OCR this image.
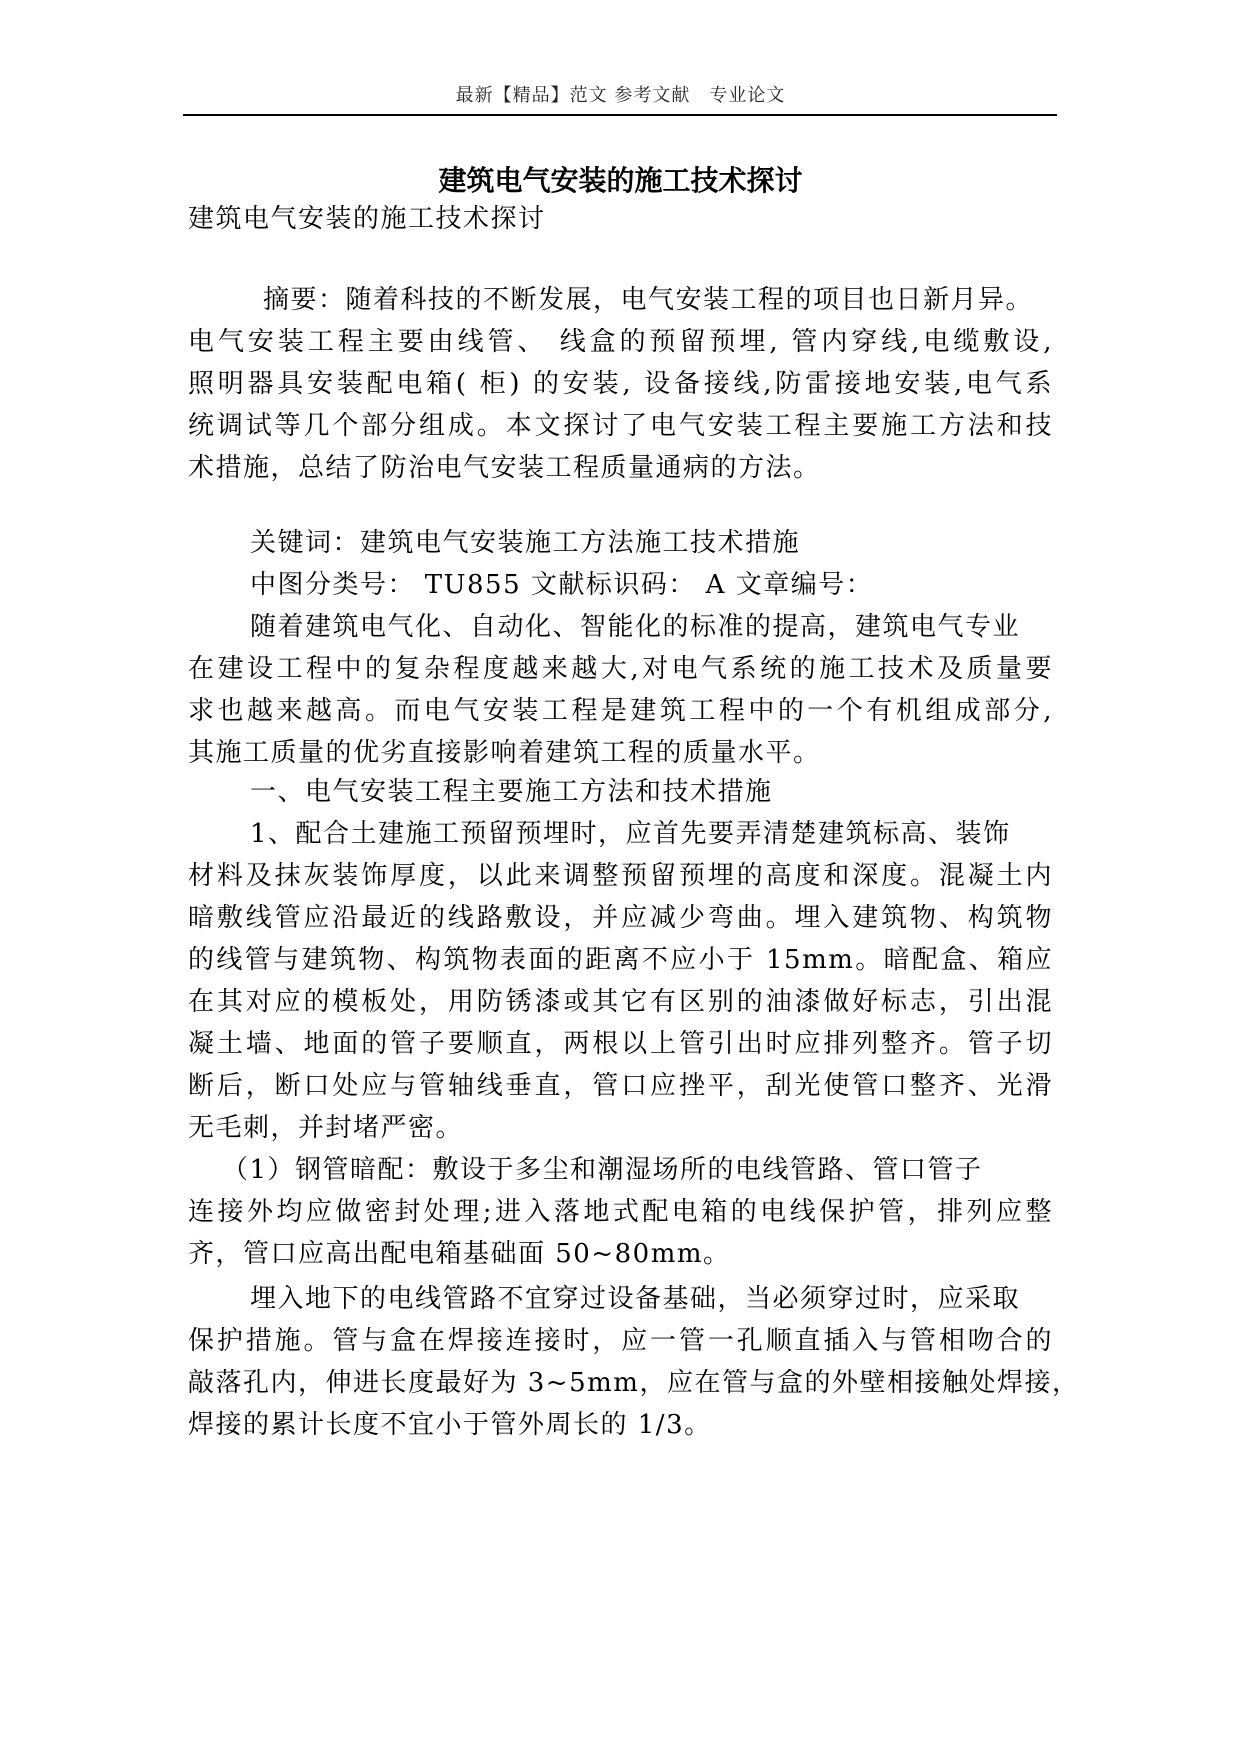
最新【精品】范文 参考文献　专业论文
建筑电气安装的施工技术探讨
建筑电气安装的施工技术探讨
摘要：随着科技的不断发展，电气安装工程的项目也日新月异。
电气安装工程主要由线管、 线盒的预留预埋, 管内穿线,电缆敷设,
照明器具安装配电箱( 柜) 的安装, 设备接线,防雷接地安装,电气系
统调试等几个部分组成。本文探讨了电气安装工程主要施工方法和技
术措施，总结了防治电气安装工程质量通病的方法。
关键词：建筑电气安装施工方法施工技术措施
中图分类号： TU855 文献标识码： A 文章编号：
随着建筑电气化、自动化、智能化的标准的提高，建筑电气专业
在建设工程中的复杂程度越来越大,对电气系统的施工技术及质量要
求也越来越高。而电气安装工程是建筑工程中的一个有机组成部分,
其施工质量的优劣直接影响着建筑工程的质量水平。
一、电气安装工程主要施工方法和技术措施
1、配合土建施工预留预埋时，应首先要弄清楚建筑标高、装饰
材料及抹灰装饰厚度，以此来调整预留预埋的高度和深度。混凝土内
暗敷线管应沿最近的线路敷设，并应减少弯曲。埋入建筑物、构筑物
的线管与建筑物、构筑物表面的距离不应小于 15mm。暗配盒、箱应
在其对应的模板处，用防锈漆或其它有区别的油漆做好标志，引出混
凝土墙、地面的管子要顺直，两根以上管引出时应排列整齐。管子切
断后，断口处应与管轴线垂直，管口应挫平，刮光使管口整齐、光滑
无毛刺，并封堵严密。
（1）钢管暗配：敷设于多尘和潮湿场所的电线管路、管口管子
连接外均应做密封处理;进入落地式配电箱的电线保护管，排列应整
齐，管口应高出配电箱基础面 50~80mm。
埋入地下的电线管路不宜穿过设备基础，当必须穿过时，应采取
保护措施。管与盒在焊接连接时，应一管一孔顺直插入与管相吻合的
敲落孔内，伸进长度最好为 3~5mm，应在管与盒的外壁相接触处焊接，
焊接的累计长度不宜小于管外周长的 1/3。
